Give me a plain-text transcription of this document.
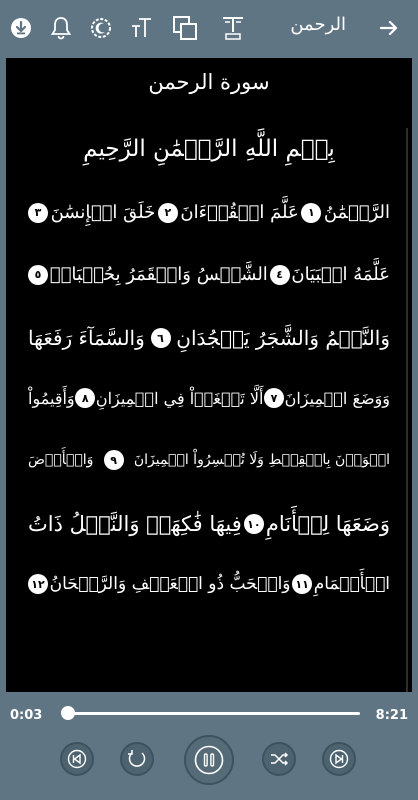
الرحمن
سورة الرحمن
بِسۡمِ اللَّهِ الرَّحۡمَٰنِ الرَّحِيمِ
الرَّحۡمَٰنُ
١
عَلَّمَ الۡقُرۡءَانَ
٢
خَلَقَ الۡإِنسَٰنَ
٣
عَلَّمَهُ الۡبَيَانَ
٤
الشَّمۡسُ وَالۡقَمَرُ بِحُسۡبَانٖ
٥
وَالنَّجۡمُ وَالشَّجَرُ يَسۡجُدَانِ
٦
وَالسَّمَآءَ رَفَعَهَا
وَوَضَعَ الۡمِيزَانَ
٧
أَلَّا تَطۡغَوۡاْ فِي الۡمِيزَانِ
٨
وَأَقِيمُواْ
الۡوَزۡنَ بِالۡقِسۡطِ وَلَا تُخۡسِرُواْ الۡمِيزَانَ
٩
وَالۡأَرۡضَ
وَضَعَهَا لِلۡأَنَامِ
١٠
فِيهَا فَٰكِهَةٞ وَالنَّخۡلُ ذَاتُ
الۡأَكۡمَامِ
١١
وَالۡحَبُّ ذُو الۡعَصۡفِ وَالرَّيۡحَانُ
١٢
0:03	8:21
